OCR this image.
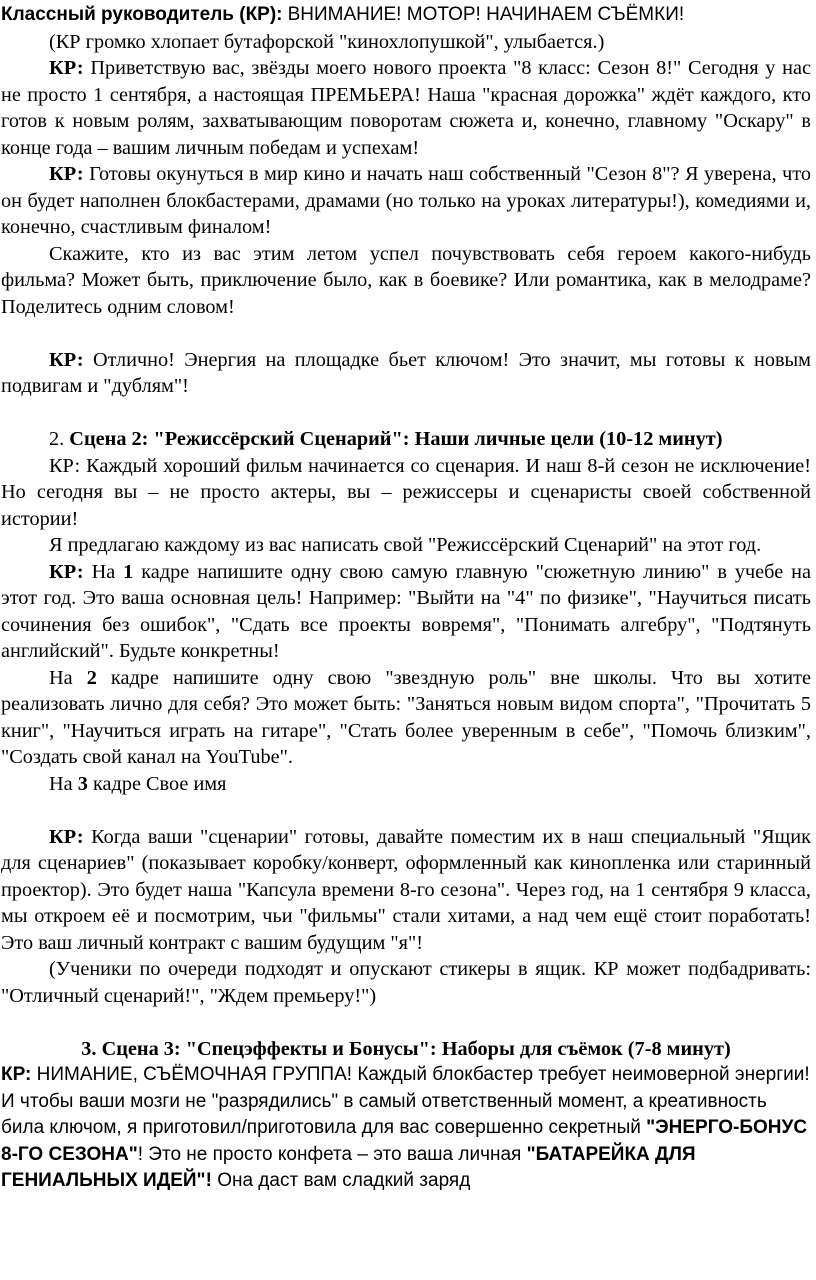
Классный руководитель (КР): ВНИМАНИЕ! МОТОР! НАЧИНАЕМ СЪЁМКИ!

(КР громко хлопает бутафорской "кинохлопушкой", улыбается.)

КР: Приветствую вас, звёзды моего нового проекта "8 класс: Сезон 8!" Сегодня у нас не просто 1 сентября, а настоящая ПРЕМЬЕРА! Наша "красная дорожка" ждёт каждого, кто готов к новым ролям, захватывающим поворотам сюжета и, конечно, главному "Оскару" в конце года – вашим личным победам и успехам!

КР: Готовы окунуться в мир кино и начать наш собственный "Сезон 8"? Я уверена, что он будет наполнен блокбастерами, драмами (но только на уроках литературы!), комедиями и, конечно, счастливым финалом!

Скажите, кто из вас этим летом успел почувствовать себя героем какого-нибудь фильма? Может быть, приключение было, как в боевике? Или романтика, как в мелодраме? Поделитесь одним словом!

КР: Отлично! Энергия на площадке бьет ключом! Это значит, мы готовы к новым подвигам и "дублям"!

2. Сцена 2: "Режиссёрский Сценарий": Наши личные цели (10-12 минут)

КР: Каждый хороший фильм начинается со сценария. И наш 8-й сезон не исключение! Но сегодня вы – не просто актеры, вы – режиссеры и сценаристы своей собственной истории!

Я предлагаю каждому из вас написать свой "Режиссёрский Сценарий" на этот год.

КР: На 1 кадре напишите одну свою самую главную "сюжетную линию" в учебе на этот год. Это ваша основная цель! Например: "Выйти на "4" по физике", "Научиться писать сочинения без ошибок", "Сдать все проекты вовремя", "Понимать алгебру", "Подтянуть английский". Будьте конкретны!

На 2 кадре напишите одну свою "звездную роль" вне школы. Что вы хотите реализовать лично для себя? Это может быть: "Заняться новым видом спорта", "Прочитать 5 книг", "Научиться играть на гитаре", "Стать более уверенным в себе", "Помочь близким", "Создать свой канал на YouTube".

На 3 кадре Свое имя

КР: Когда ваши "сценарии" готовы, давайте поместим их в наш специальный "Ящик для сценариев" (показывает коробку/конверт, оформленный как кинопленка или старинный проектор). Это будет наша "Капсула времени 8-го сезона". Через год, на 1 сентября 9 класса, мы откроем её и посмотрим, чьи "фильмы" стали хитами, а над чем ещё стоит поработать! Это ваш личный контракт с вашим будущим "я"!

(Ученики по очереди подходят и опускают стикеры в ящик. КР может подбадривать: "Отличный сценарий!", "Ждем премьеру!")

3. Сцена 3: "Спецэффекты и Бонусы": Наборы для съёмок (7-8 минут)

КР: НИМАНИЕ, СЪЁМОЧНАЯ ГРУППА! Каждый блокбастер требует неимоверной энергии! И чтобы ваши мозги не "разрядились" в самый ответственный момент, а креативность била ключом, я приготовил/приготовила для вас совершенно секретный "ЭНЕРГО-БОНУС 8-ГО СЕЗОНА"! Это не просто конфета – это ваша личная "БАТАРЕЙКА ДЛЯ ГЕНИАЛЬНЫХ ИДЕЙ"! Она даст вам сладкий заряд
